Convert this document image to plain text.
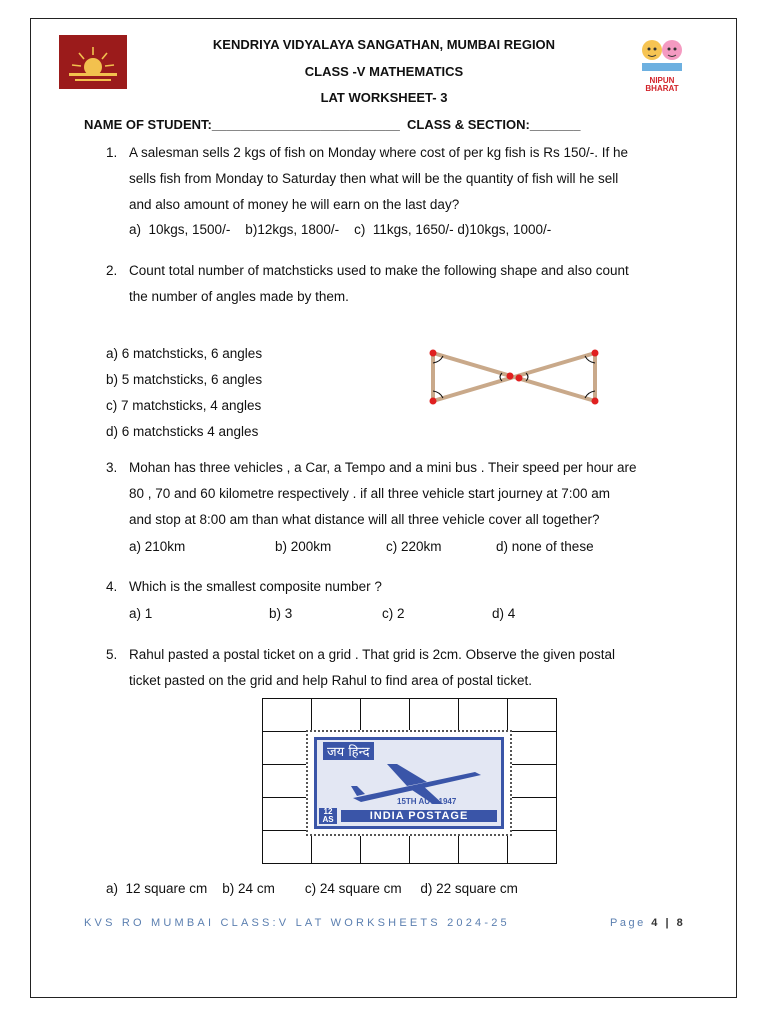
NIPUN BHARAT
KENDRIYA VIDYALAYA SANGATHAN, MUMBAI REGION
CLASS -V MATHEMATICS
LAT WORKSHEET- 3
NAME OF STUDENT:__________________________  CLASS & SECTION:_______
1. A salesman sells 2 kgs of fish on Monday where cost of per kg fish is Rs 150/-. If he
sells fish from Monday to Saturday then what will be the quantity of fish will he sell
and also amount of money he will earn on the last day?
a)  10kgs, 1500/-    b)12kgs, 1800/-    c)  11kgs, 1650/- d)10kgs, 1000/-
2. Count total number of matchsticks used to make the following shape and also count
the number of angles made by them.
a) 6 matchsticks, 6 angles
b) 5 matchsticks, 6 angles
c) 7 matchsticks, 4 angles
d) 6 matchsticks 4 angles
3. Mohan has three vehicles , a Car, a Tempo and a mini bus . Their speed per hour are
80 , 70 and 60 kilometre respectively . if all three vehicle start journey at 7:00 am
and stop at 8:00 am than what distance will all three vehicle cover all together?
a) 210km	b) 200km	c) 220km	d) none of these
4. Which is the smallest composite number ?
a) 1	b) 3	c) 2	d) 4
5. Rahul pasted a postal ticket on a grid . That grid is 2cm. Observe the given postal
ticket pasted on the grid and help Rahul to find area of postal ticket.

जय हिन्द
15TH AUG 1947
12 AS	INDIA POSTAGE
a)  12 square cm    b) 24 cm        c) 24 square cm     d) 22 square cm
KVS RO MUMBAI CLASS:V LAT WORKSHEETS 2024-25	Page 4 | 8
